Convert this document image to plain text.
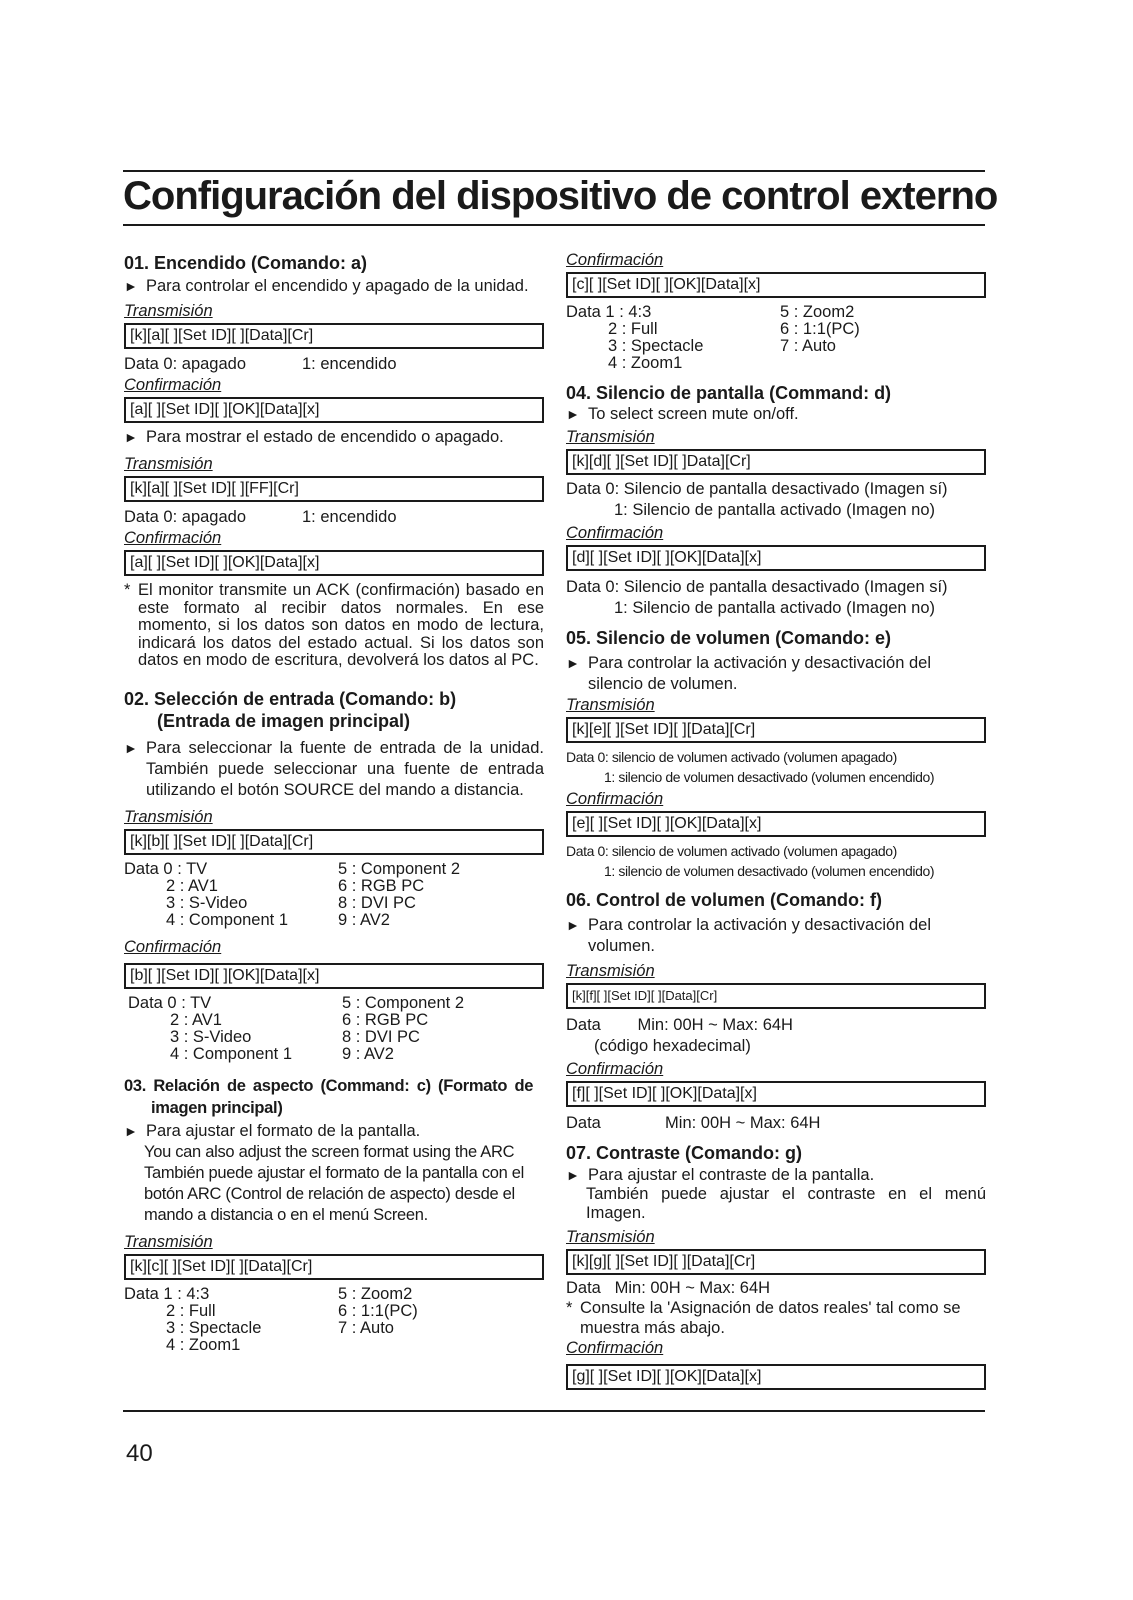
Configuración del dispositivo de control externo
01. Encendido (Comando: a)
► Para controlar el encendido y apagado de la unidad.
Transmisión
[k][a][ ][Set ID][ ][Data][Cr]
Data 0: apagado	1: encendido
Confirmación
[a][ ][Set ID][ ][OK][Data][x]
► Para mostrar el estado de encendido o apagado.
Transmisión
[k][a][ ][Set ID][ ][FF][Cr]
Data 0: apagado	1: encendido
Confirmación
[a][ ][Set ID][ ][OK][Data][x]
* El monitor transmite un ACK (confirmación) basado en este formato al recibir datos normales. En ese momento, si los datos son datos en modo de lectura, indicará los datos del estado actual. Si los datos son datos en modo de escritura, devolverá los datos al PC.
02. Selección de entrada (Comando: b)
(Entrada de imagen principal)
► Para seleccionar la fuente de entrada de la unidad. También puede seleccionar una fuente de entrada utilizando el botón SOURCE del mando a distancia.
Transmisión
[k][b][ ][Set ID][ ][Data][Cr]
Data 0 : TV	5 : Component 2
2 : AV1	6 : RGB PC
3 : S-Video	8 : DVI PC
4 : Component 1	9 : AV2
Confirmación
[b][ ][Set ID][ ][OK][Data][x]
Data 0 : TV	5 : Component 2
2 : AV1	6 : RGB PC
3 : S-Video	8 : DVI PC
4 : Component 1	9 : AV2
03. Relación de aspecto (Command: c) (Formato de
imagen principal)
► Para ajustar el formato de la pantalla.
You can also adjust the screen format using the ARC También puede ajustar el formato de la pantalla con el botón ARC (Control de relación de aspecto) desde el mando a distancia o en el menú Screen.
Transmisión
[k][c][ ][Set ID][ ][Data][Cr]
Data 1 : 4:3	5 : Zoom2
2 : Full	6 : 1:1(PC)
3 : Spectacle	7 : Auto
4 : Zoom1
Confirmación
[c][ ][Set ID][ ][OK][Data][x]
Data 1 : 4:3	5 : Zoom2
2 : Full	6 : 1:1(PC)
3 : Spectacle	7 : Auto
4 : Zoom1
04. Silencio de pantalla (Command: d)
► To select screen mute on/off.
Transmisión
[k][d][ ][Set ID][ ]Data][Cr]
Data 0: Silencio de pantalla desactivado (Imagen sí)
1: Silencio de pantalla activado (Imagen no)
Confirmación
[d][ ][Set ID][ ][OK][Data][x]
Data 0: Silencio de pantalla desactivado (Imagen sí)
1: Silencio de pantalla activado (Imagen no)
05. Silencio de volumen (Comando: e)
► Para controlar la activación y desactivación del silencio de volumen.
Transmisión
[k][e][ ][Set ID][ ][Data][Cr]
Data 0: silencio de volumen activado (volumen apagado)
1: silencio de volumen desactivado (volumen encendido)
Confirmación
[e][ ][Set ID][ ][OK][Data][x]
Data 0: silencio de volumen activado (volumen apagado)
1: silencio de volumen desactivado (volumen encendido)
06. Control de volumen (Comando: f)
► Para controlar la activación y desactivación del volumen.
Transmisión
[k][f][ ][Set ID][ ][Data][Cr]
Data        Min: 00H ~ Max: 64H
(código hexadecimal)
Confirmación
[f][ ][Set ID][ ][OK][Data][x]
Data              Min: 00H ~ Max: 64H
07. Contraste (Comando: g)
► Para ajustar el contraste de la pantalla.
También puede ajustar el contraste en el menú Imagen.
Transmisión
[k][g][ ][Set ID][ ][Data][Cr]
Data   Min: 00H ~ Max: 64H
* Consulte la 'Asignación de datos reales' tal como se muestra más abajo.
Confirmación
[g][ ][Set ID][ ][OK][Data][x]
40
